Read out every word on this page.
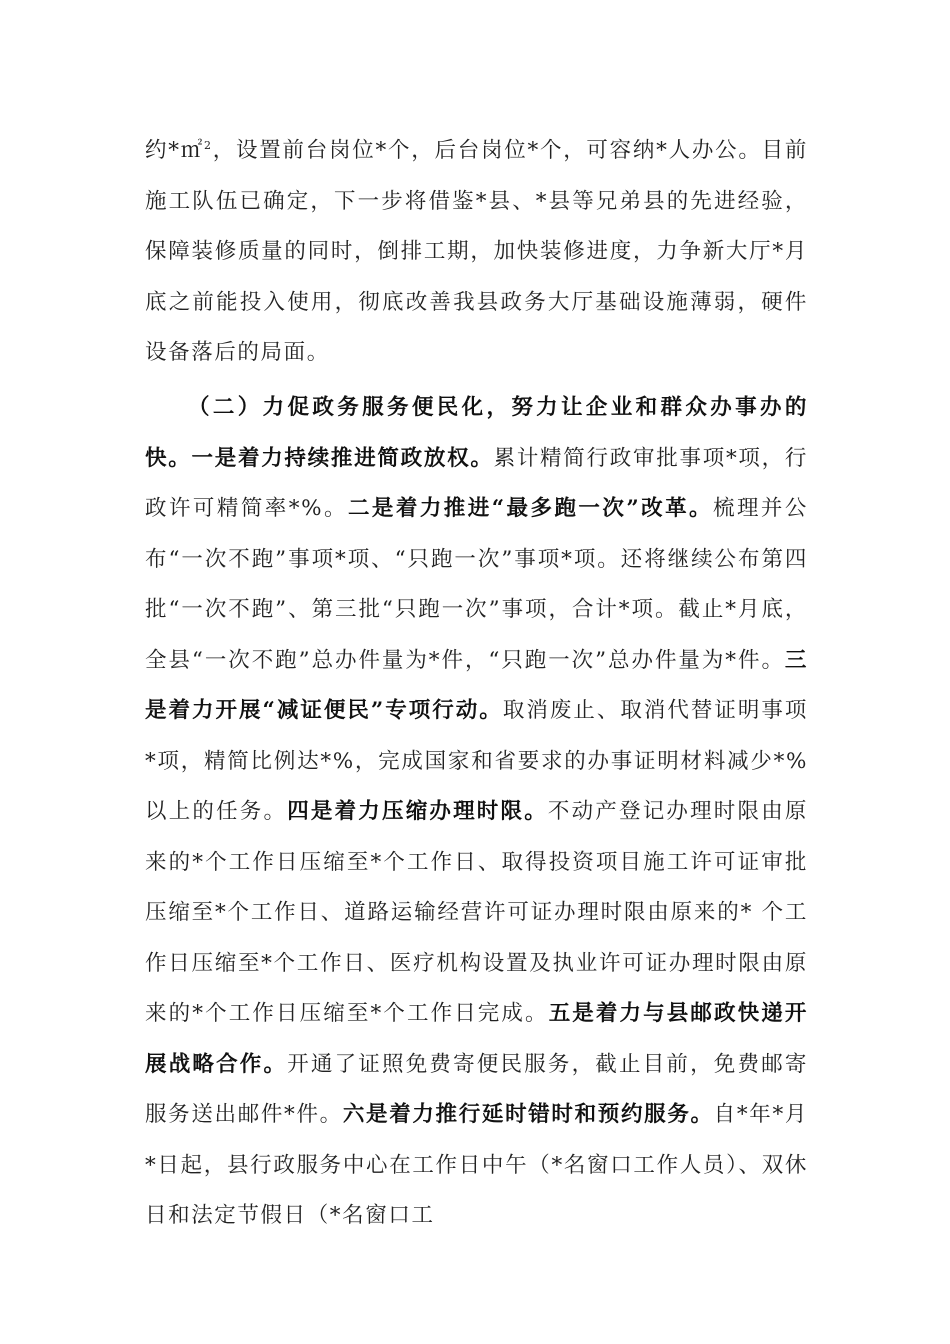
约*㎡$^2$，设置前台岗位*个，后台岗位*个，可容纳*人办公。目前施工队伍已确定，下一步将借鉴*县、*县等兄弟县的先进经验，保障装修质量的同时，倒排工期，加快装修进度，力争新大厅*月底之前能投入使用，彻底改善我县政务大厅基础设施薄弱，硬件设备落后的局面。

（二）力促政务服务便民化，努力让企业和群众办事办的快。一是着力持续推进简政放权。累计精简行政审批事项*项，行政许可精简率*%。二是着力推进“最多跑一次”改革。梳理并公布“一次不跑”事项*项、“只跑一次”事项*项。还将继续公布第四批“一次不跑”、第三批“只跑一次”事项，合计*项。截止*月底，全县“一次不跑”总办件量为*件，“只跑一次”总办件量为*件。三是着力开展“减证便民”专项行动。取消废止、取消代替证明事项*项，精简比例达*%，完成国家和省要求的办事证明材料减少*%以上的任务。四是着力压缩办理时限。不动产登记办理时限由原来的*个工作日压缩至*个工作日、取得投资项目施工许可证审批压缩至*个工作日、道路运输经营许可证办理时限由原来的* 个工作日压缩至*个工作日、医疗机构设置及执业许可证办理时限由原来的*个工作日压缩至*个工作日完成。五是着力与县邮政快递开展战略合作。开通了证照免费寄便民服务，截止目前，免费邮寄服务送出邮件*件。六是着力推行延时错时和预约服务。自*年*月*日起，县行政服务中心在工作日中午（*名窗口工作人员）、双休日和法定节假日（*名窗口工
